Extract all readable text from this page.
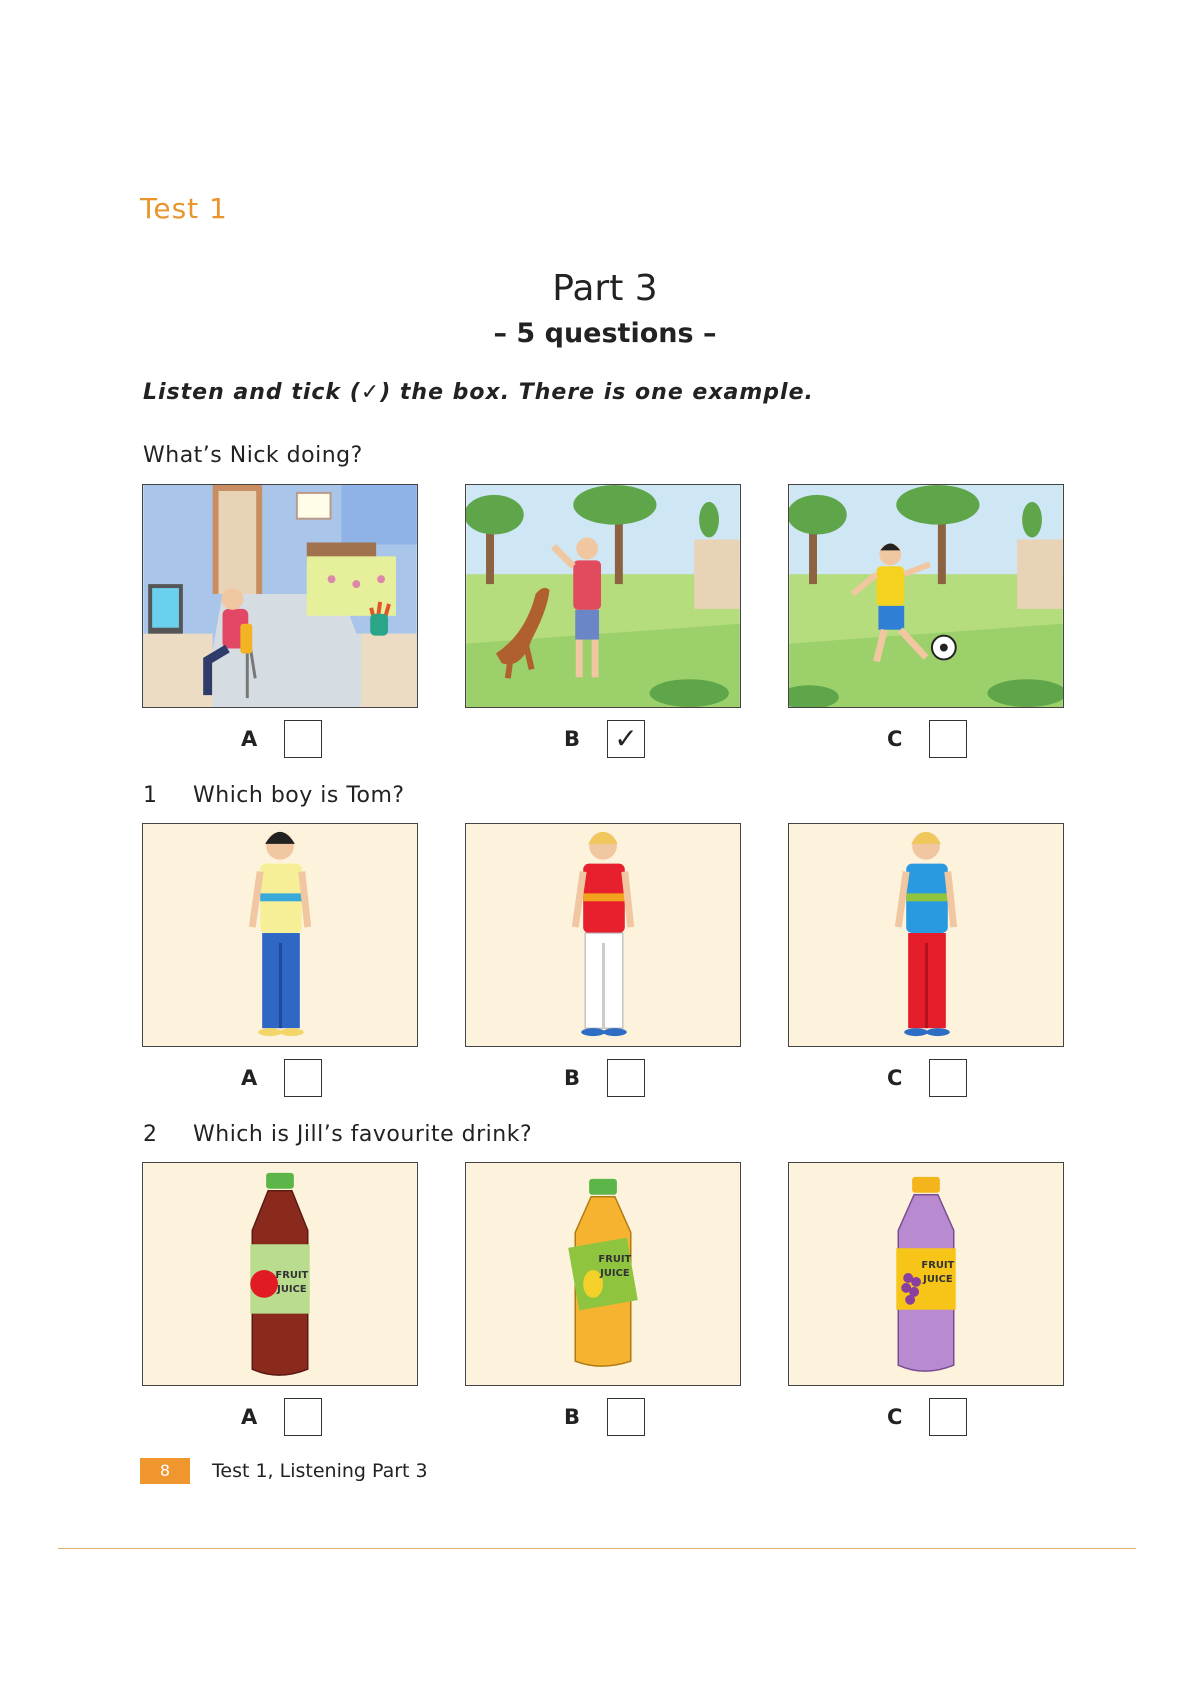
Test 1
Part 3
– 5 questions –
Listen and tick (✓) the box. There is one example.
What’s Nick doing?
A	B ✓	C
1 Which boy is Tom?
A	B	C
2 Which is Jill’s favourite drink?
FRUIT
JUICE
FRUIT
JUICE
FRUIT
JUICE
A	B	C
8	Test 1, Listening Part 3
